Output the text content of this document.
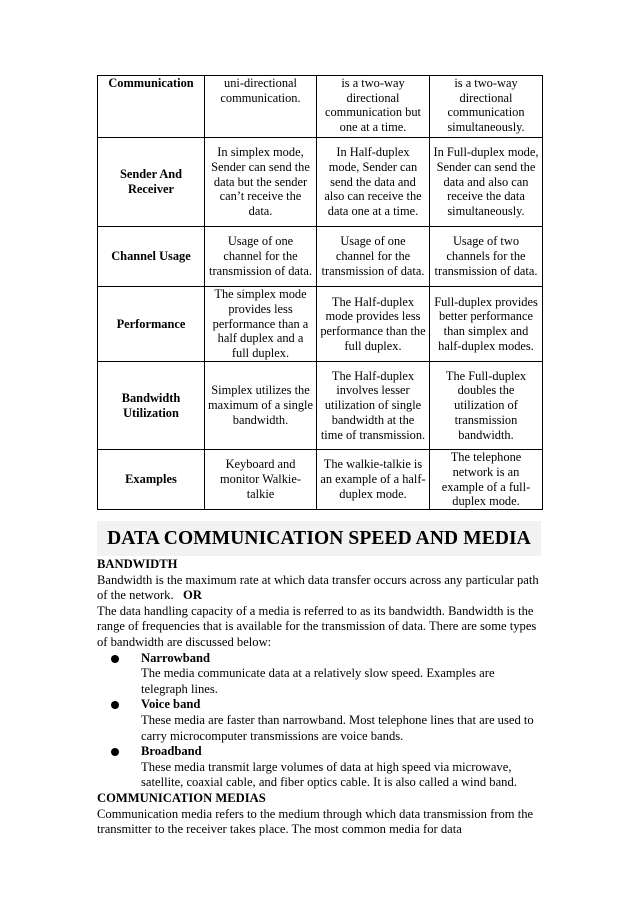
Communication	uni-directional communication.	is a two-way directional communication but one at a time.	is a two-way directional communication simultaneously.
Sender And Receiver	In simplex mode, Sender can send the data but the sender can’t receive the data.	In Half-duplex mode, Sender can send the data and also can receive the data one at a time.	In Full-duplex mode, Sender can send the data and also can receive the data simultaneously.
Channel Usage	Usage of one channel for the transmission of data.	Usage of one channel for the transmission of data.	Usage of two channels for the transmission of data.
Performance	The simplex mode provides less performance than a half duplex and a full duplex.	The Half-duplex mode provides less performance than the full duplex.	Full-duplex provides better performance than simplex and half-duplex modes.
Bandwidth Utilization	Simplex utilizes the maximum of a single bandwidth.	The Half-duplex involves lesser utilization of single bandwidth at the time of transmission.	The Full-duplex doubles the utilization of transmission bandwidth.
Examples	Keyboard and monitor Walkie-talkie	The walkie-talkie is an example of a half-duplex mode.	The telephone network is an example of a full-duplex mode.
DATA COMMUNICATION SPEED AND MEDIA

BANDWIDTH

Bandwidth is the maximum rate at which data transfer occurs across any particular path of the network. OR

The data handling capacity of a media is referred to as its bandwidth. Bandwidth is the range of frequencies that is available for the transmission of data. There are some types of bandwidth are discussed below:

Narrowband
The media communicate data at a relatively slow speed. Examples are telegraph lines.
Voice band
These media are faster than narrowband. Most telephone lines that are used to carry microcomputer transmissions are voice bands.
Broadband
These media transmit large volumes of data at high speed via microwave, satellite, coaxial cable, and fiber optics cable. It is also called a wind band.

COMMUNICATION MEDIAS

Communication media refers to the medium through which data transmission from the transmitter to the receiver takes place. The most common media for data
